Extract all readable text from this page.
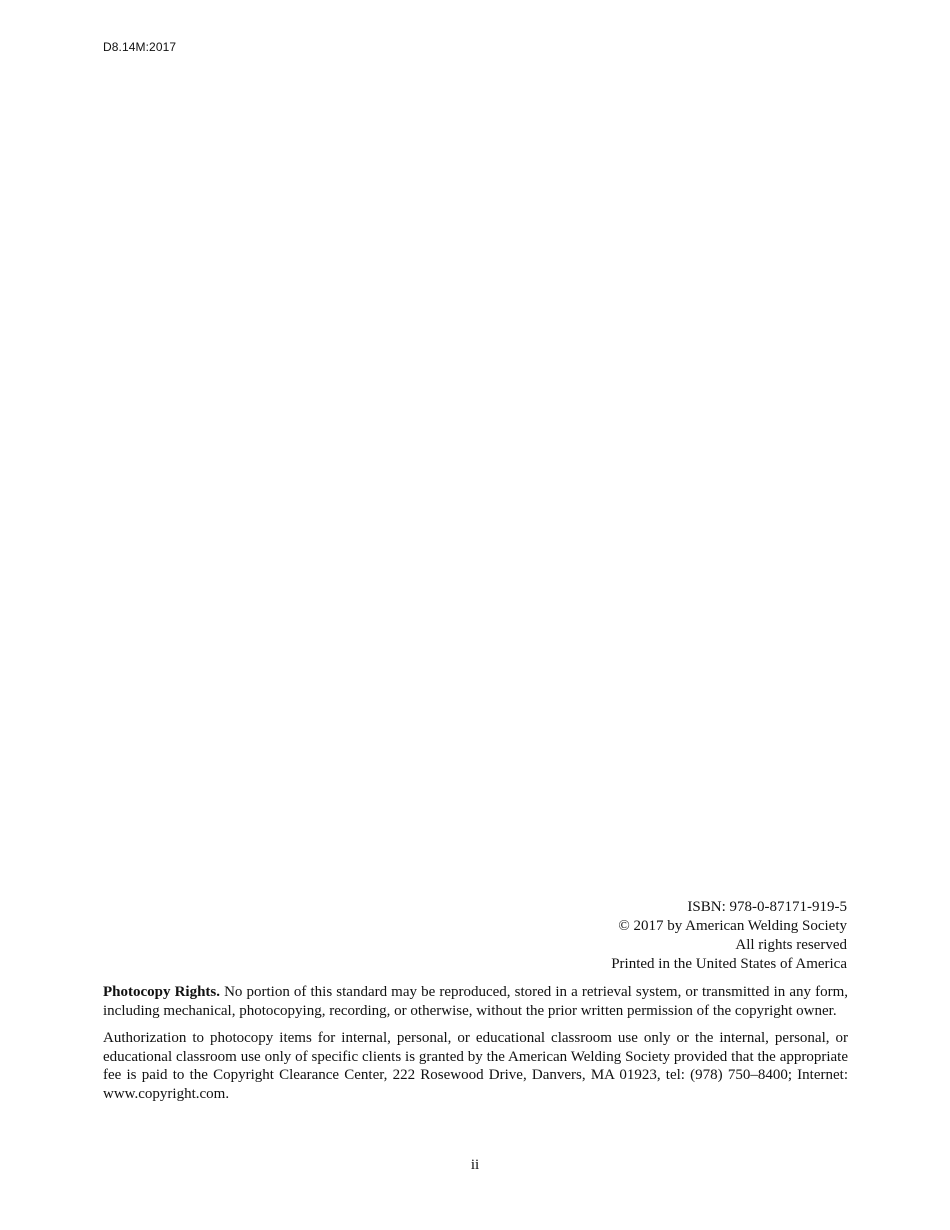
D8.14M:2017
ISBN: 978-0-87171-919-5
© 2017 by American Welding Society
All rights reserved
Printed in the United States of America

Photocopy Rights. No portion of this standard may be reproduced, stored in a retrieval system, or transmitted in any form, including mechanical, photocopying, recording, or otherwise, without the prior written permission of the copyright owner.

Authorization to photocopy items for internal, personal, or educational classroom use only or the internal, personal, or educational classroom use only of specific clients is granted by the American Welding Society provided that the appropriate fee is paid to the Copyright Clearance Center, 222 Rosewood Drive, Danvers, MA 01923, tel: (978) 750–8400; Internet: www.copyright.com.

ii
